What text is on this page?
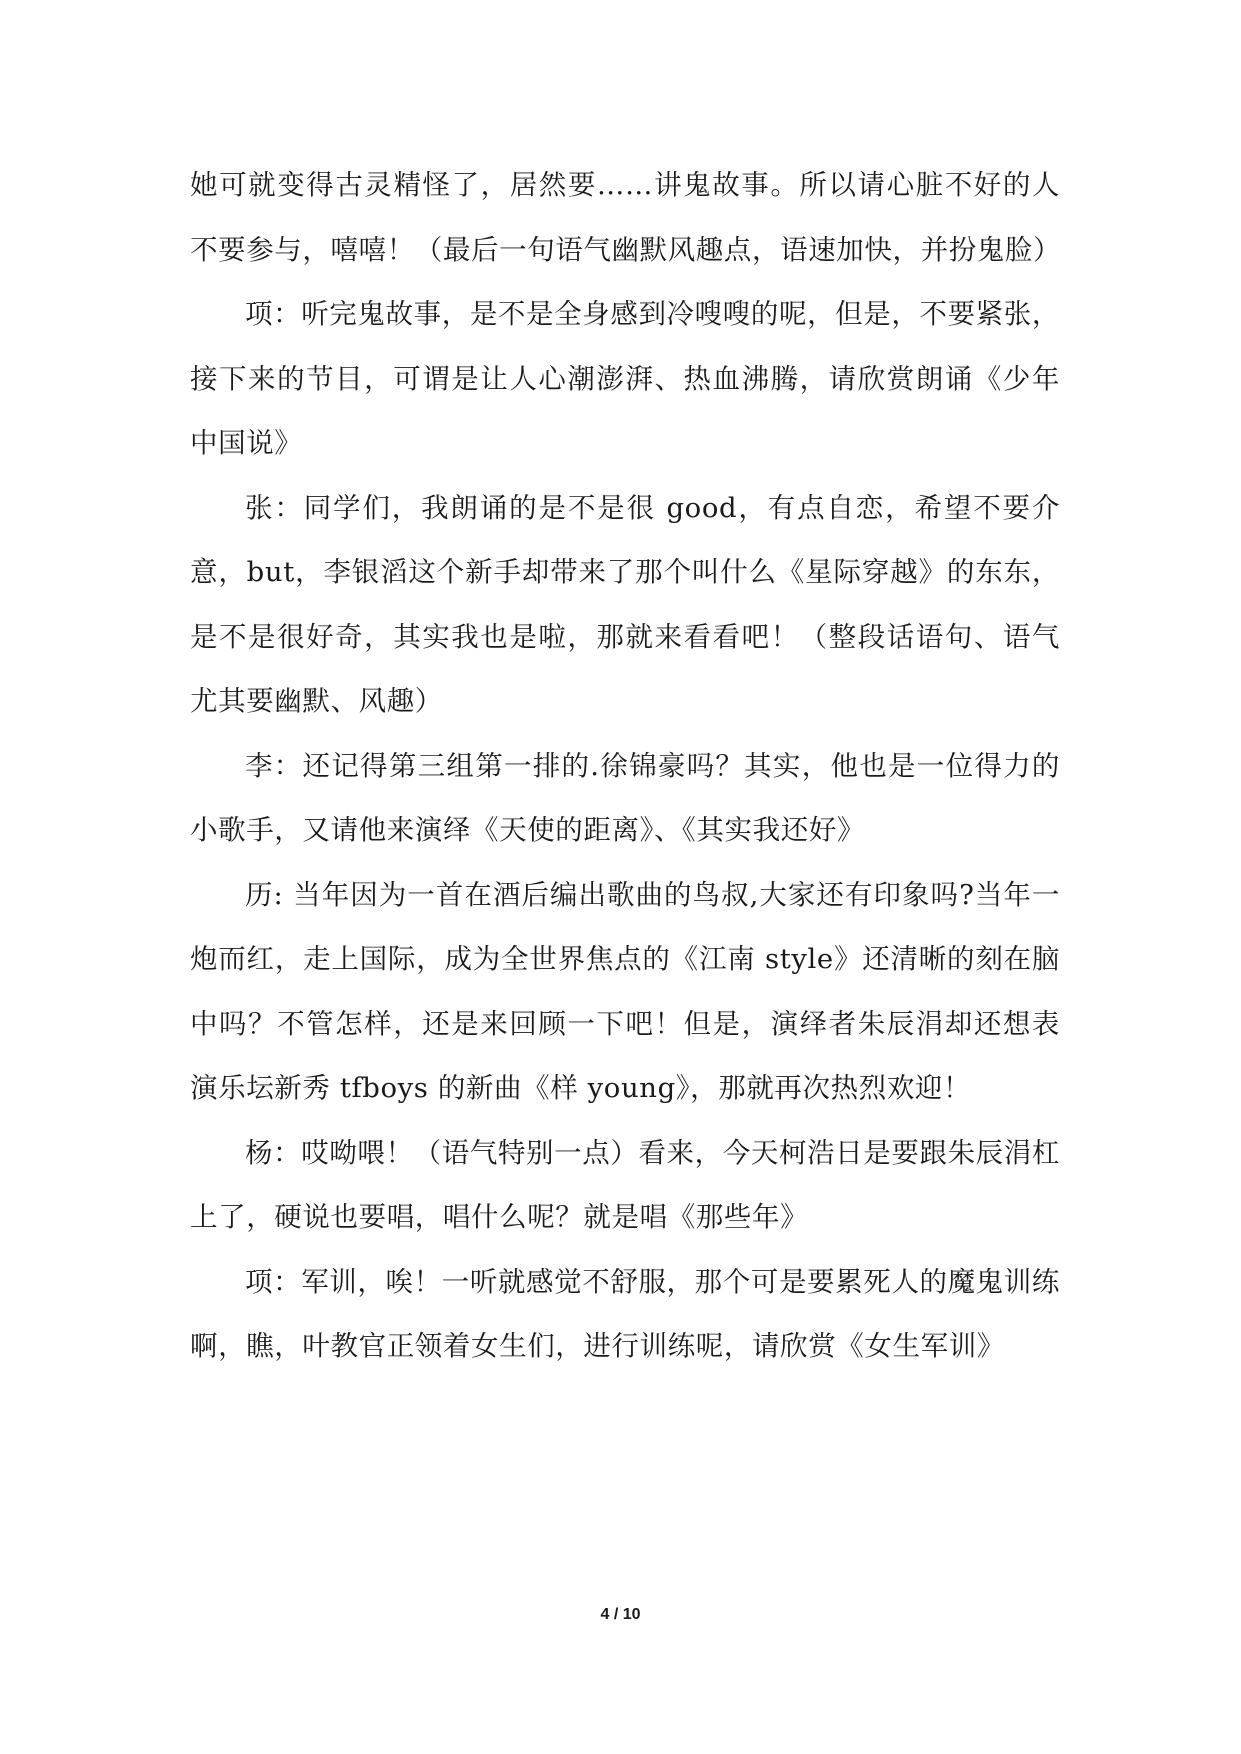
她可就变得古灵精怪了，居然要……讲鬼故事。所以请心脏不好的人不要参与，嘻嘻！（最后一句语气幽默风趣点，语速加快，并扮鬼脸）

项：听完鬼故事，是不是全身感到冷嗖嗖的呢，但是，不要紧张，接下来的节目，可谓是让人心潮澎湃、热血沸腾，请欣赏朗诵《少年中国说》

张：同学们，我朗诵的是不是很 good，有点自恋，希望不要介意，but，李银滔这个新手却带来了那个叫什么《星际穿越》的东东，是不是很好奇，其实我也是啦，那就来看看吧！（整段话语句、语气尤其要幽默、风趣）

李：还记得第三组第一排的.徐锦豪吗？其实，他也是一位得力的小歌手，又请他来演绎《天使的距离》、《其实我还好》

历: 当年因为一首在酒后编出歌曲的鸟叔,大家还有印象吗?当年一炮而红，走上国际，成为全世界焦点的《江南 style》还清晰的刻在脑中吗？不管怎样，还是来回顾一下吧！但是，演绎者朱辰涓却还想表演乐坛新秀 tfboys 的新曲《样 young》，那就再次热烈欢迎！

杨：哎呦喂！（语气特别一点）看来，今天柯浩日是要跟朱辰涓杠上了，硬说也要唱，唱什么呢？就是唱《那些年》

项：军训，唉！一听就感觉不舒服，那个可是要累死人的魔鬼训练啊，瞧，叶教官正领着女生们，进行训练呢，请欣赏《女生军训》

4 / 10
